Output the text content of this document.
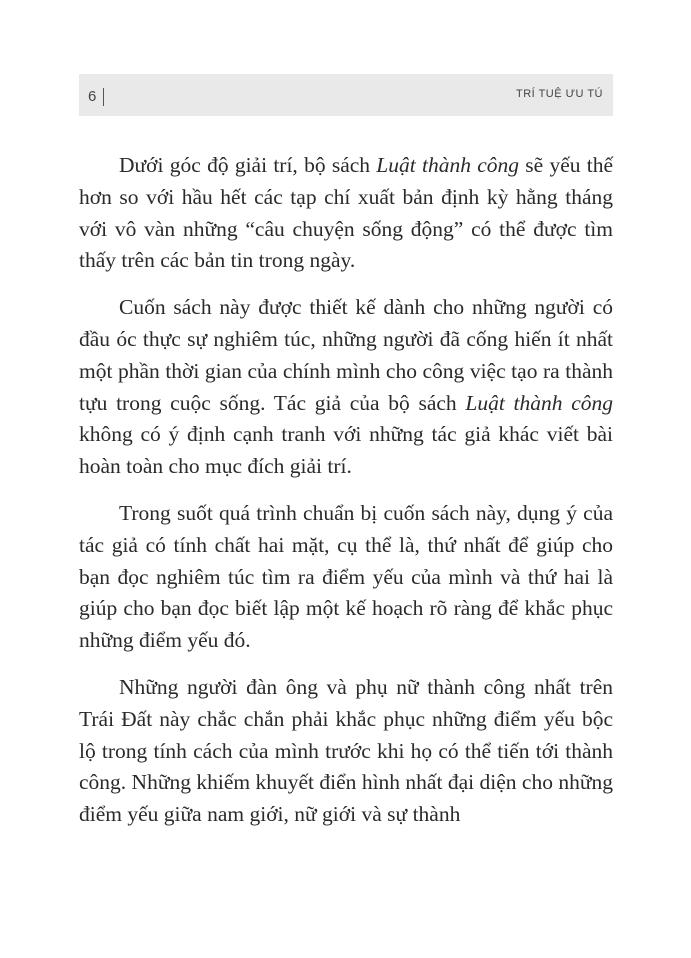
6	TRÍ TUỆ ƯU TÚ

Dưới góc độ giải trí, bộ sách Luật thành công sẽ yếu thế hơn so với hầu hết các tạp chí xuất bản định kỳ hằng tháng với vô vàn những “câu chuyện sống động” có thể được tìm thấy trên các bản tin trong ngày.

Cuốn sách này được thiết kế dành cho những người có đầu óc thực sự nghiêm túc, những người đã cống hiến ít nhất một phần thời gian của chính mình cho công việc tạo ra thành tựu trong cuộc sống. Tác giả của bộ sách Luật thành công không có ý định cạnh tranh với những tác giả khác viết bài hoàn toàn cho mục đích giải trí.

Trong suốt quá trình chuẩn bị cuốn sách này, dụng ý của tác giả có tính chất hai mặt, cụ thể là, thứ nhất để giúp cho bạn đọc nghiêm túc tìm ra điểm yếu của mình và thứ hai là giúp cho bạn đọc biết lập một kế hoạch rõ ràng để khắc phục những điểm yếu đó.

Những người đàn ông và phụ nữ thành công nhất trên Trái Đất này chắc chắn phải khắc phục những điểm yếu bộc lộ trong tính cách của mình trước khi họ có thể tiến tới thành công. Những khiếm khuyết điển hình nhất đại diện cho những điểm yếu giữa nam giới, nữ giới và sự thành
